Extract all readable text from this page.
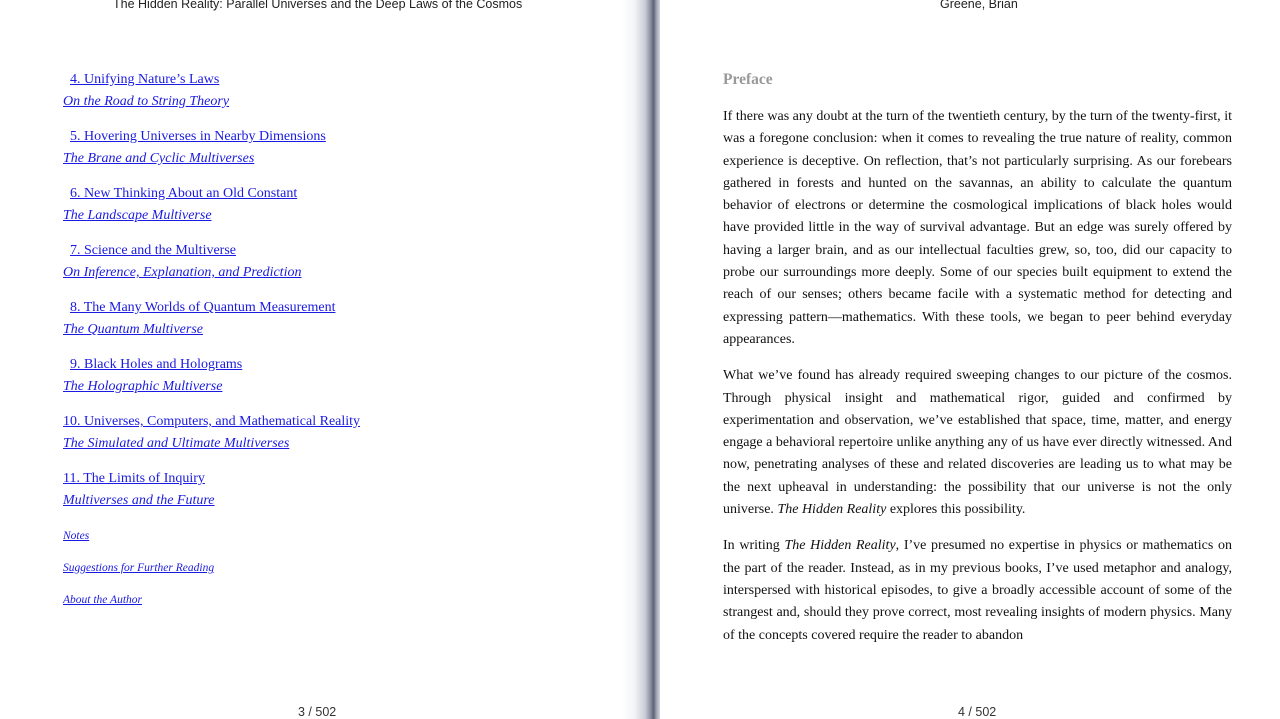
The Hidden Reality: Parallel Universes and the Deep Laws of the Cosmos
4. Unifying Nature’s Laws
On the Road to String Theory
5. Hovering Universes in Nearby Dimensions
The Brane and Cyclic Multiverses
6. New Thinking About an Old Constant
The Landscape Multiverse
7. Science and the Multiverse
On Inference, Explanation, and Prediction
8. The Many Worlds of Quantum Measurement
The Quantum Multiverse
9. Black Holes and Holograms
The Holographic Multiverse
10. Universes, Computers, and Mathematical Reality
The Simulated and Ultimate Multiverses
11. The Limits of Inquiry
Multiverses and the Future
Notes
Suggestions for Further Reading
About the Author
3 / 502
Greene, Brian
Preface

If there was any doubt at the turn of the twentieth century, by the turn of the twenty-first, it was a foregone conclusion: when it comes to revealing the true nature of reality, common experience is deceptive. On reflection, that’s not particularly surprising. As our forebears gathered in forests and hunted on the savannas, an ability to calculate the quantum behavior of electrons or determine the cosmological implications of black holes would have provided little in the way of survival advantage. But an edge was surely offered by having a larger brain, and as our intellectual faculties grew, so, too, did our capacity to probe our surroundings more deeply. Some of our species built equipment to extend the reach of our senses; others became facile with a systematic method for detecting and expressing pattern—mathematics. With these tools, we began to peer behind everyday appearances.

What we’ve found has already required sweeping changes to our picture of the cosmos. Through physical insight and mathematical rigor, guided and confirmed by experimentation and observation, we’ve established that space, time, matter, and energy engage a behavioral repertoire unlike anything any of us have ever directly witnessed. And now, penetrating analyses of these and related discoveries are leading us to what may be the next upheaval in understanding: the possibility that our universe is not the only universe. The Hidden Reality explores this possibility.

In writing The Hidden Reality, I’ve presumed no expertise in physics or mathematics on the part of the reader. Instead, as in my previous books, I’ve used metaphor and analogy, interspersed with historical episodes, to give a broadly accessible account of some of the strangest and, should they prove correct, most revealing insights of modern physics. Many of the concepts covered require the reader to abandon

4 / 502
